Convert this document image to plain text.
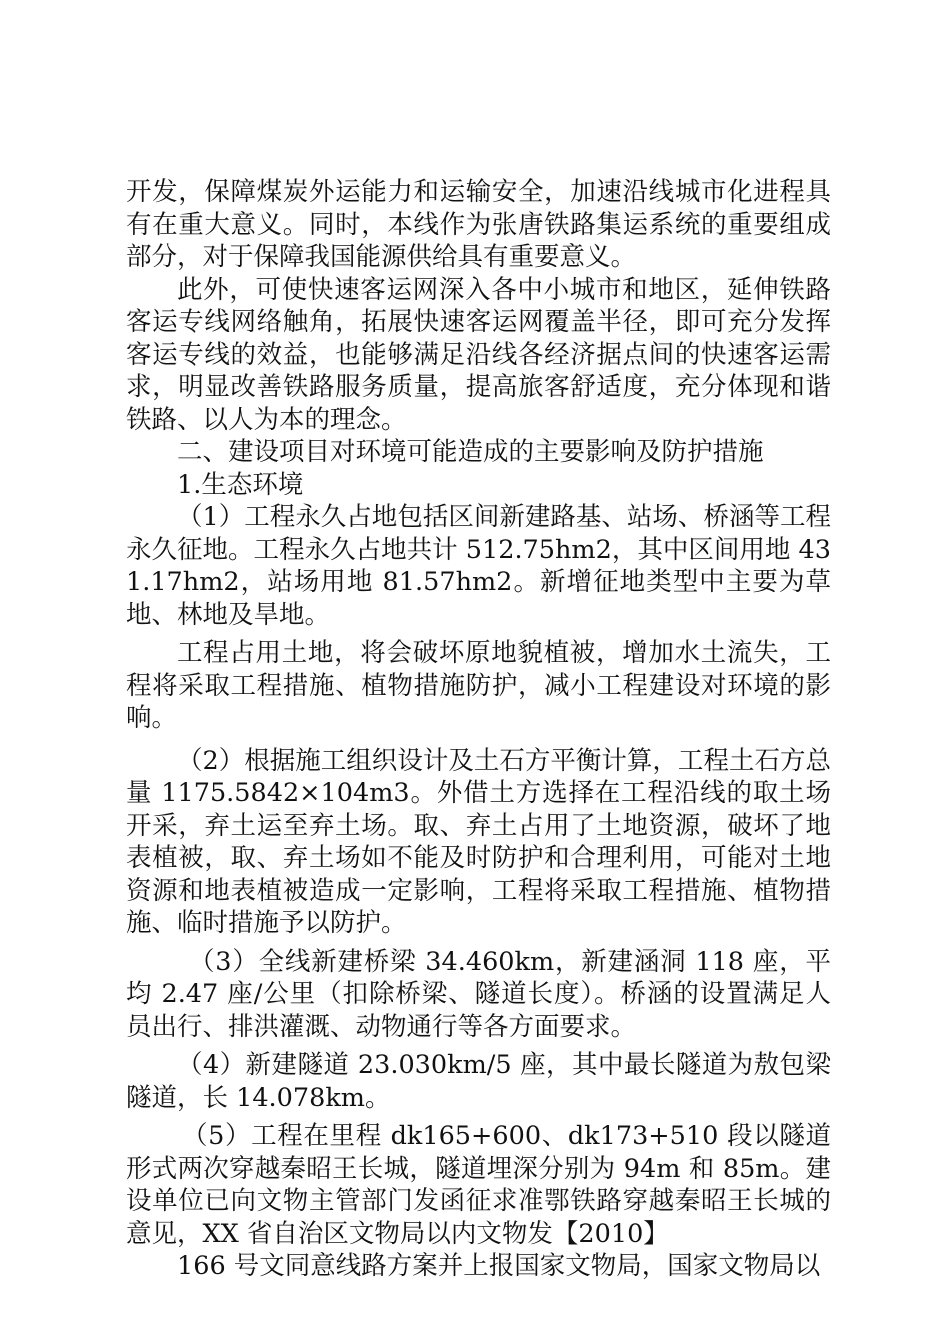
开发，保障煤炭外运能力和运输安全，加速沿线城市化进程具有在重大意义。同时，本线作为张唐铁路集运系统的重要组成部分，对于保障我国能源供给具有重要意义。

此外，可使快速客运网深入各中小城市和地区，延伸铁路客运专线网络触角，拓展快速客运网覆盖半径，即可充分发挥客运专线的效益，也能够满足沿线各经济据点间的快速客运需求，明显改善铁路服务质量，提高旅客舒适度，充分体现和谐铁路、以人为本的理念。

二、建设项目对环境可能造成的主要影响及防护措施

1.生态环境

（1）工程永久占地包括区间新建路基、站场、桥涵等工程永久征地。工程永久占地共计 512.75hm2，其中区间用地 431.17hm2，站场用地 81.57hm2。新增征地类型中主要为草地、林地及旱地。

工程占用土地，将会破坏原地貌植被，增加水土流失，工程将采取工程措施、植物措施防护，减小工程建设对环境的影响。

（2）根据施工组织设计及土石方平衡计算，工程土石方总量 1175.5842×104m3。外借土方选择在工程沿线的取土场开采，弃土运至弃土场。取、弃土占用了土地资源，破坏了地表植被，取、弃土场如不能及时防护和合理利用，可能对土地资源和地表植被造成一定影响，工程将采取工程措施、植物措施、临时措施予以防护。

（3）全线新建桥梁 34.460km，新建涵洞 118 座，平均 2.47 座/公里（扣除桥梁、隧道长度）。桥涵的设置满足人员出行、排洪灌溉、动物通行等各方面要求。

（4）新建隧道 23.030km/5 座，其中最长隧道为敖包梁隧道，长 14.078km。

（5）工程在里程 dk165+600、dk173+510 段以隧道形式两次穿越秦昭王长城，隧道埋深分别为 94m 和 85m。建设单位已向文物主管部门发函征求准鄂铁路穿越秦昭王长城的意见，XX 省自治区文物局以内文物发【2010】

166 号文同意线路方案并上报国家文物局，国家文物局以
